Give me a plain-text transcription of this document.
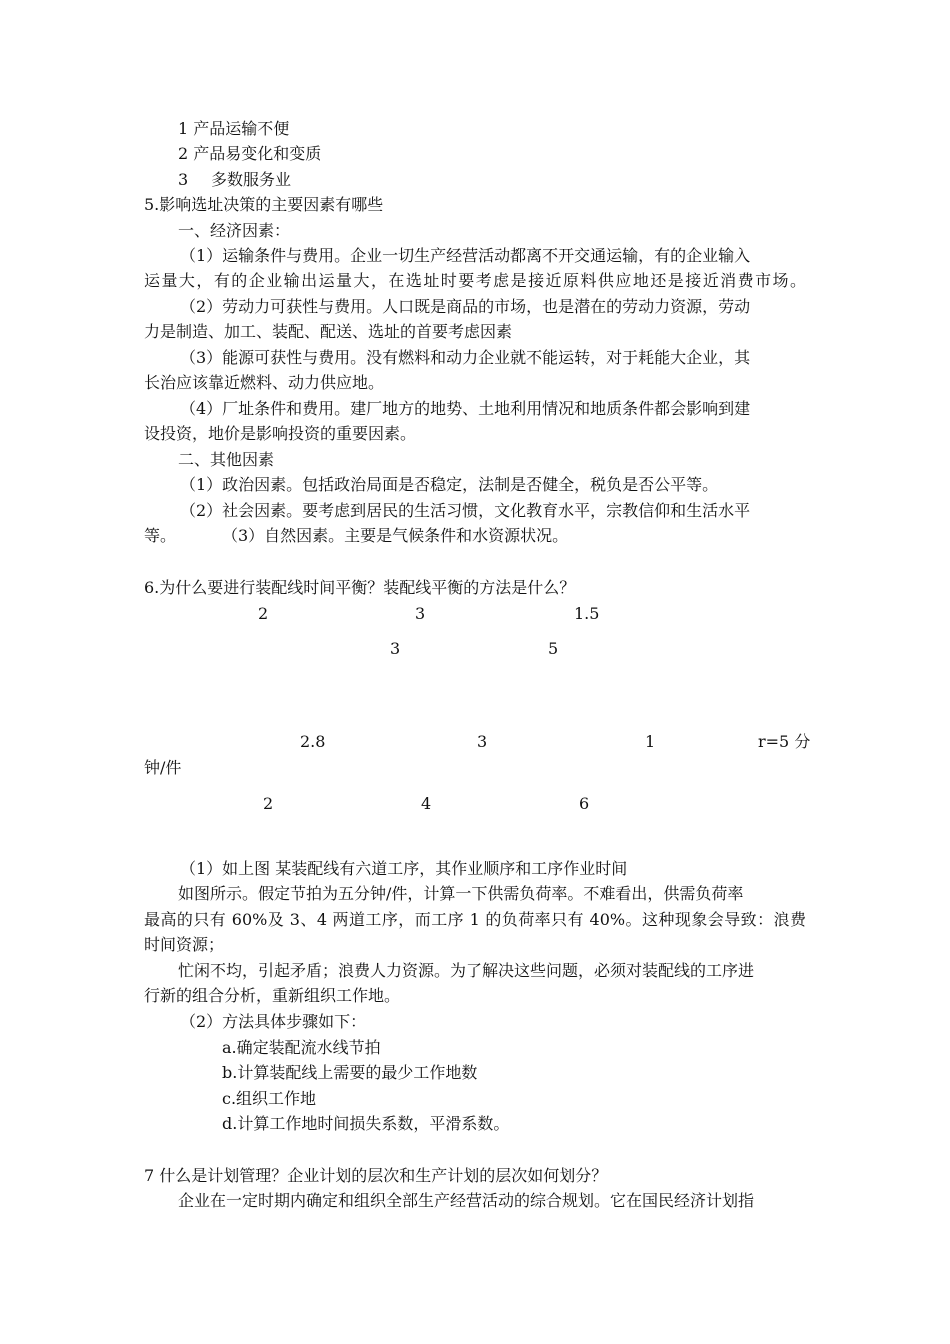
1 产品运输不便
2 产品易变化和变质
3 多数服务业
5.影响选址决策的主要因素有哪些
一、经济因素：
（1）运输条件与费用。企业一切生产经营活动都离不开交通运输，有的企业输入
运量大，有的企业输出运量大，在选址时要考虑是接近原料供应地还是接近消费市场。
（2）劳动力可获性与费用。人口既是商品的市场，也是潜在的劳动力资源，劳动
力是制造、加工、装配、配送、选址的首要考虑因素
（3）能源可获性与费用。没有燃料和动力企业就不能运转，对于耗能大企业，其
长治应该靠近燃料、动力供应地。
（4）厂址条件和费用。建厂地方的地势、土地利用情况和地质条件都会影响到建
设投资，地价是影响投资的重要因素。
二、其他因素
（1）政治因素。包括政治局面是否稳定，法制是否健全，税负是否公平等。
（2）社会因素。要考虑到居民的生活习惯，文化教育水平，宗教信仰和生活水平
等。	（3）自然因素。主要是气候条件和水资源状况。
6.为什么要进行装配线时间平衡？装配线平衡的方法是什么？
2	3	1.5
3	5
2.8	3	1	r=5 分
钟/件
2	4	6
（1）如上图 某装配线有六道工序，其作业顺序和工序作业时间
如图所示。假定节拍为五分钟/件，计算一下供需负荷率。不难看出，供需负荷率
最高的只有 60%及 3、4 两道工序，而工序 1 的负荷率只有 40%。这种现象会导致：浪费
时间资源；
忙闲不均，引起矛盾；浪费人力资源。为了解决这些问题，必须对装配线的工序进
行新的组合分析，重新组织工作地。
（2）方法具体步骤如下：
a.确定装配流水线节拍
b.计算装配线上需要的最少工作地数
c.组织工作地
d.计算工作地时间损失系数，平滑系数。
7 什么是计划管理？企业计划的层次和生产计划的层次如何划分？
企业在一定时期内确定和组织全部生产经营活动的综合规划。它在国民经济计划指
